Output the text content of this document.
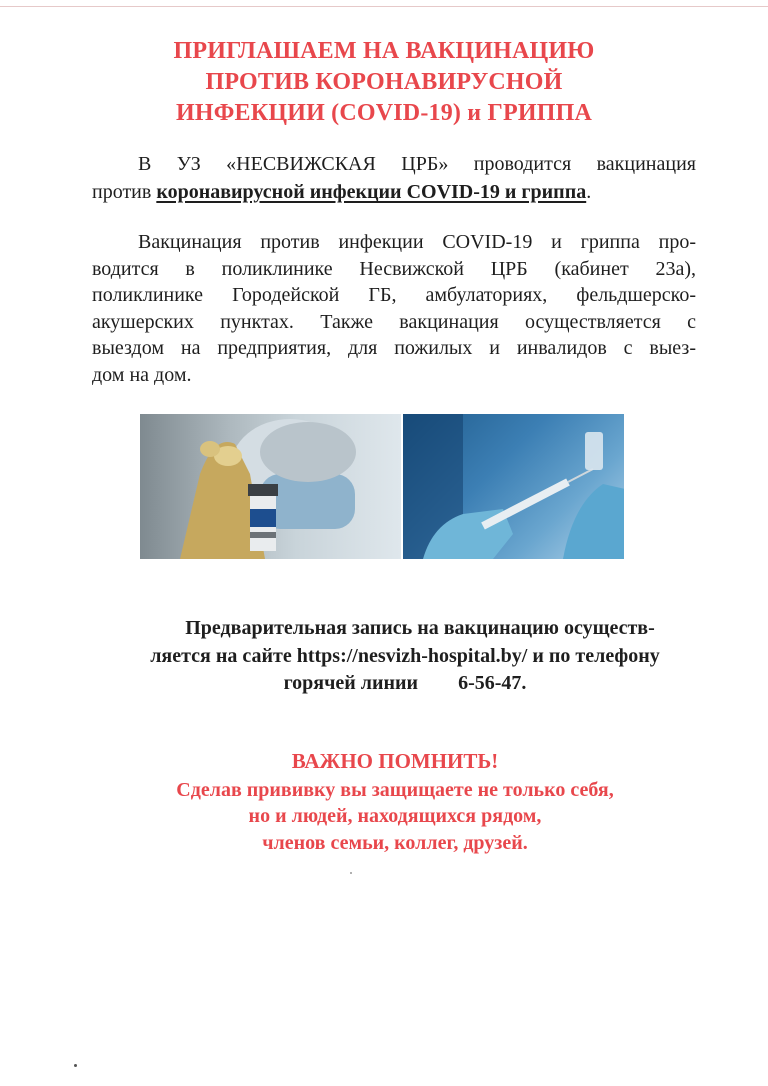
ПРИГЛАШАЕМ НА ВАКЦИНАЦИЮ
ПРОТИВ КОРОНАВИРУСНОЙ
ИНФЕКЦИИ (COVID-19) и ГРИППА
В УЗ «НЕСВИЖСКАЯ ЦРБ» проводится вакцинация
против коронавирусной инфекции COVID-19 и гриппа.
Вакцинация против инфекции COVID-19 и гриппа про-
водится в поликлинике Несвижской ЦРБ (кабинет 23а),
поликлинике Городейской ГБ, амбулаториях, фельдшерско-
акушерских пунктах. Также вакцинация осуществляется с
выездом на предприятия, для пожилых и инвалидов с выез-
дом на дом.
Предварительная запись на вакцинацию осуществ-
ляется на сайте https://nesvizh-hospital.by/ и по телефону
горячей линии 6-56-47.
ВАЖНО ПОМНИТЬ!
Сделав прививку вы защищаете не только себя,
но и людей, находящихся рядом,
членов семьи, коллег, друзей.
